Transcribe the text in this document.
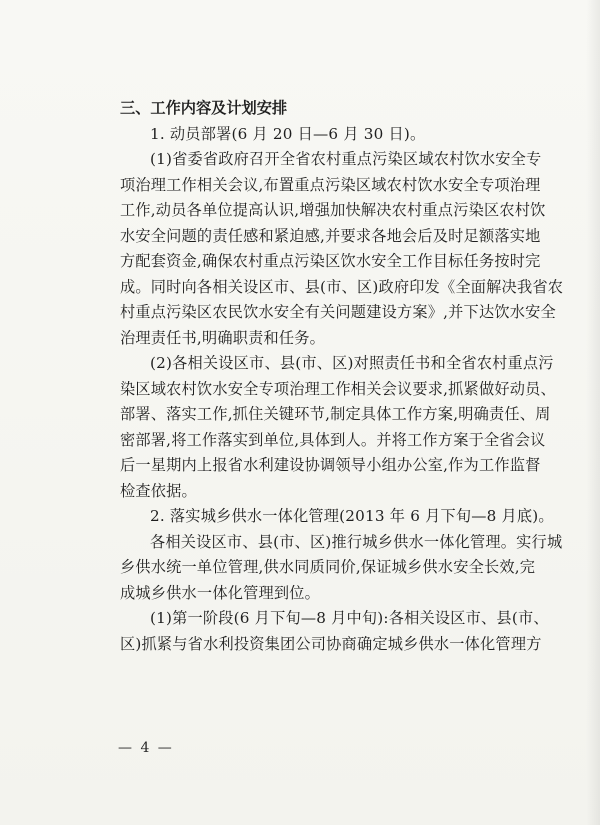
三、工作内容及计划安排
1. 动员部署(6 月 20 日—6 月 30 日)。
(1)省委省政府召开全省农村重点污染区域农村饮水安全专
项治理工作相关会议,布置重点污染区域农村饮水安全专项治理
工作,动员各单位提高认识,增强加快解决农村重点污染区农村饮
水安全问题的责任感和紧迫感,并要求各地会后及时足额落实地
方配套资金,确保农村重点污染区饮水安全工作目标任务按时完
成。同时向各相关设区市、县(市、区)政府印发《全面解决我省农
村重点污染区农民饮水安全有关问题建设方案》,并下达饮水安全
治理责任书,明确职责和任务。
(2)各相关设区市、县(市、区)对照责任书和全省农村重点污
染区域农村饮水安全专项治理工作相关会议要求,抓紧做好动员、
部署、落实工作,抓住关键环节,制定具体工作方案,明确责任、周
密部署,将工作落实到单位,具体到人。并将工作方案于全省会议
后一星期内上报省水利建设协调领导小组办公室,作为工作监督
检查依据。
2. 落实城乡供水一体化管理(2013 年 6 月下旬—8 月底)。
各相关设区市、县(市、区)推行城乡供水一体化管理。实行城
乡供水统一单位管理,供水同质同价,保证城乡供水安全长效,完
成城乡供水一体化管理到位。
(1)第一阶段(6 月下旬—8 月中旬):各相关设区市、县(市、
区)抓紧与省水利投资集团公司协商确定城乡供水一体化管理方
— 4 —
